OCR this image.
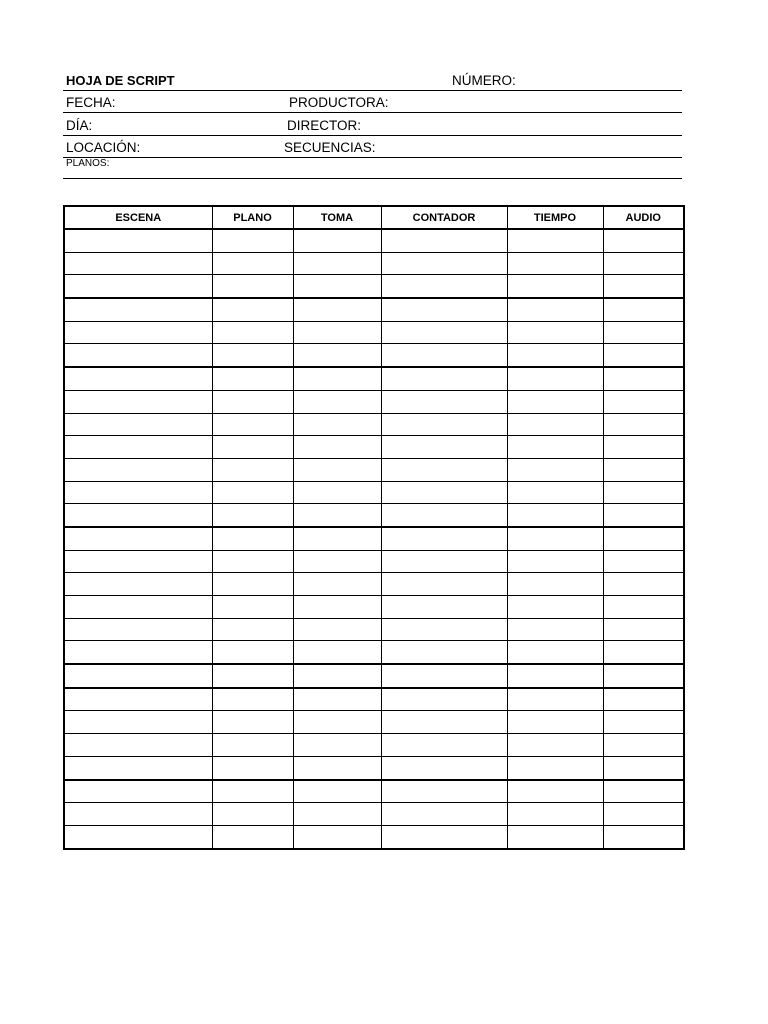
HOJA DE SCRIPT	NÚMERO:
FECHA:	PRODUCTORA:
DÍA:	DIRECTOR:
LOCACIÓN:	SECUENCIAS:
PLANOS:
ESCENA	PLANO	TOMA	CONTADOR	TIEMPO	AUDIO
